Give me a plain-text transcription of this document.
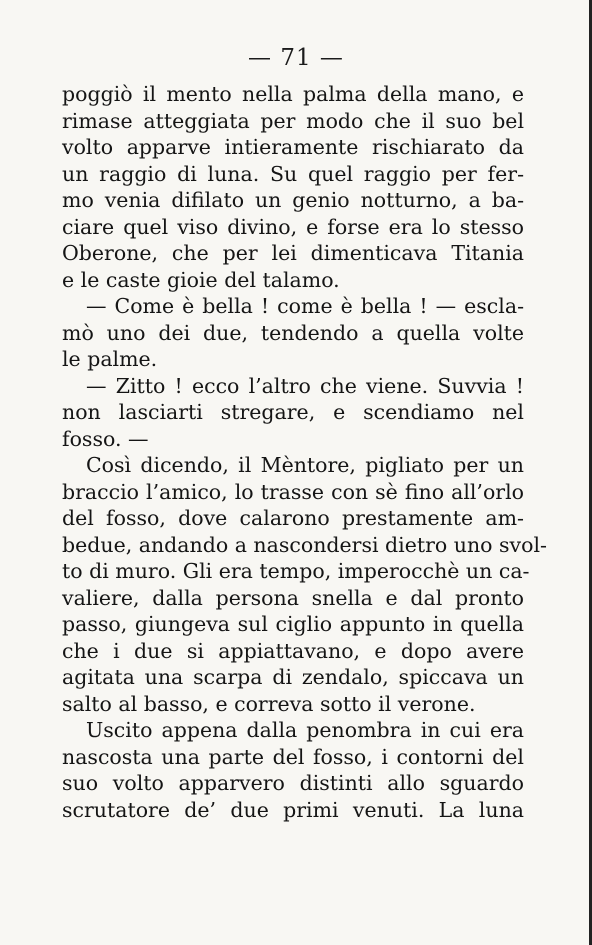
— 71 —
poggiò il mento nella palma della mano, e
rimase atteggiata per modo che il suo bel
volto apparve intieramente rischiarato da
un raggio di luna. Su quel raggio per fer-
mo venia difilato un genio notturno, a ba-
ciare quel viso divino, e forse era lo stesso
Oberone, che per lei dimenticava Titania
e le caste gioie del talamo.
— Come è bella ! come è bella ! — escla-
mò uno dei due, tendendo a quella volte
le palme.
— Zitto ! ecco l’altro che viene. Suvvia !
non lasciarti stregare, e scendiamo nel
fosso. —
Così dicendo, il Mèntore, pigliato per un
braccio l’amico, lo trasse con sè fino all’orlo
del fosso, dove calarono prestamente am-
bedue, andando a nascondersi dietro uno svol-
to di muro. Gli era tempo, imperocchè un ca-
valiere, dalla persona snella e dal pronto
passo, giungeva sul ciglio appunto in quella
che i due si appiattavano, e dopo avere
agitata una scarpa di zendalo, spiccava un
salto al basso, e correva sotto il verone.
Uscito appena dalla penombra in cui era
nascosta una parte del fosso, i contorni del
suo volto apparvero distinti allo sguardo
scrutatore de’ due primi venuti. La luna
